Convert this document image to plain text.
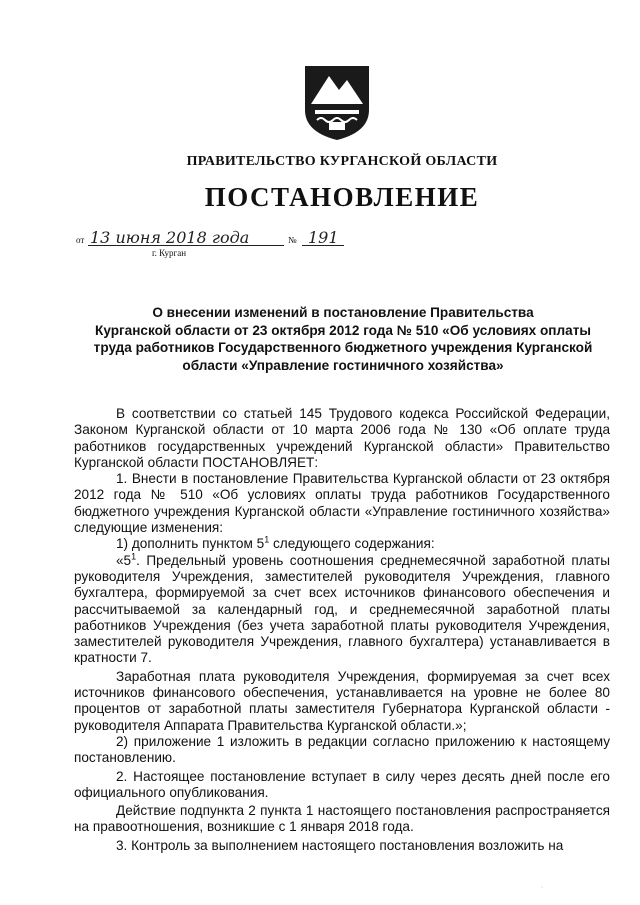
ПРАВИТЕЛЬСТВО КУРГАНСКОЙ ОБЛАСТИ
ПОСТАНОВЛЕНИЕ
от 13 июня 2018 года	№ 191
г. Курган
О внесении изменений в постановление Правительства
Курганской области от 23 октября 2012 года № 510 «Об условиях оплаты
труда работников Государственного бюджетного учреждения Курганской
области «Управление гостиничного хозяйства»

В соответствии со статьей 145 Трудового кодекса Российской Федерации, Законом Курганской области от 10 марта 2006 года № 130 «Об оплате труда работников государственных учреждений Курганской области» Правительство Курганской области ПОСТАНОВЛЯЕТ:

1. Внести в постановление Правительства Курганской области от 23 октября 2012 года № 510 «Об условиях оплаты труда работников Государственного бюджетного учреждения Курганской области «Управление гостиничного хозяйства» следующие изменения:

1) дополнить пунктом $5^1$ следующего содержания:

«$5^1$. Предельный уровень соотношения среднемесячной заработной платы руководителя Учреждения, заместителей руководителя Учреждения, главного бухгалтера, формируемой за счет всех источников финансового обеспечения и рассчитываемой за календарный год, и среднемесячной заработной платы работников Учреждения (без учета заработной платы руководителя Учреждения, заместителей руководителя Учреждения, главного бухгалтера) устанавливается в кратности 7.

Заработная плата руководителя Учреждения, формируемая за счет всех источников финансового обеспечения, устанавливается на уровне не более 80 процентов от заработной платы заместителя Губернатора Курганской области - руководителя Аппарата Правительства Курганской области.»;

2) приложение 1 изложить в редакции согласно приложению к настоящему постановлению.

2. Настоящее постановление вступает в силу через десять дней после его официального опубликования.

Действие подпункта 2 пункта 1 настоящего постановления распространяется на правоотношения, возникшие с 1 января 2018 года.

3. Контроль за выполнением настоящего постановления возложить на

·
